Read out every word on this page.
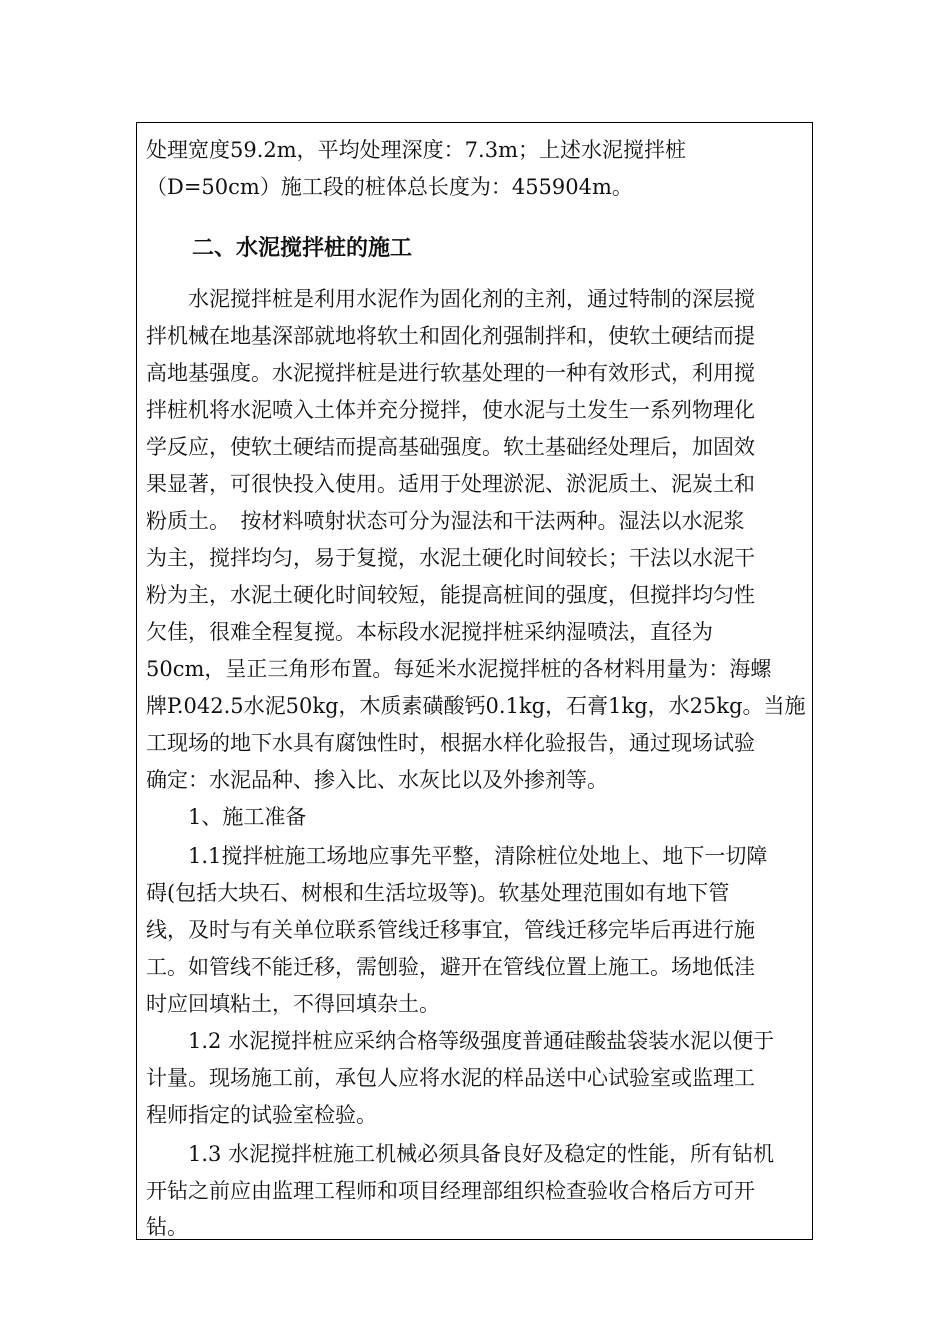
处理宽度59.2m，平均处理深度：7.3m；上述水泥搅拌桩
（D=50cm）施工段的桩体总长度为：455904m。
二、水泥搅拌桩的施工
　　水泥搅拌桩是利用水泥作为固化剂的主剂，通过特制的深层搅
拌机械在地基深部就地将软土和固化剂强制拌和，使软土硬结而提
高地基强度。水泥搅拌桩是进行软基处理的一种有效形式，利用搅
拌桩机将水泥喷入土体并充分搅拌，使水泥与土发生一系列物理化
学反应，使软土硬结而提高基础强度。软土基础经处理后，加固效
果显著，可很快投入使用。适用于处理淤泥、淤泥质土、泥炭土和
粉质土。　按材料喷射状态可分为湿法和干法两种。湿法以水泥浆
为主，搅拌均匀，易于复搅，水泥土硬化时间较长；干法以水泥干
粉为主，水泥土硬化时间较短，能提高桩间的强度，但搅拌均匀性
欠佳，很难全程复搅。本标段水泥搅拌桩采纳湿喷法，直径为
50cm，呈正三角形布置。每延米水泥搅拌桩的各材料用量为：海螺
牌P.042.5水泥50kg，木质素磺酸钙0.1kg，石膏1kg，水25kg。当施
工现场的地下水具有腐蚀性时，根据水样化验报告，通过现场试验
确定：水泥品种、掺入比、水灰比以及外掺剂等。
　　1、施工准备
　　1.1搅拌桩施工场地应事先平整，清除桩位处地上、地下一切障
碍(包括大块石、树根和生活垃圾等)。软基处理范围如有地下管
线，及时与有关单位联系管线迁移事宜，管线迁移完毕后再进行施
工。如管线不能迁移，需刨验，避开在管线位置上施工。场地低洼
时应回填粘土，不得回填杂土。
　　1.2 水泥搅拌桩应采纳合格等级强度普通硅酸盐袋装水泥以便于
计量。现场施工前，承包人应将水泥的样品送中心试验室或监理工
程师指定的试验室检验。
　　1.3 水泥搅拌桩施工机械必须具备良好及稳定的性能，所有钻机
开钻之前应由监理工程师和项目经理部组织检查验收合格后方可开
钻。
